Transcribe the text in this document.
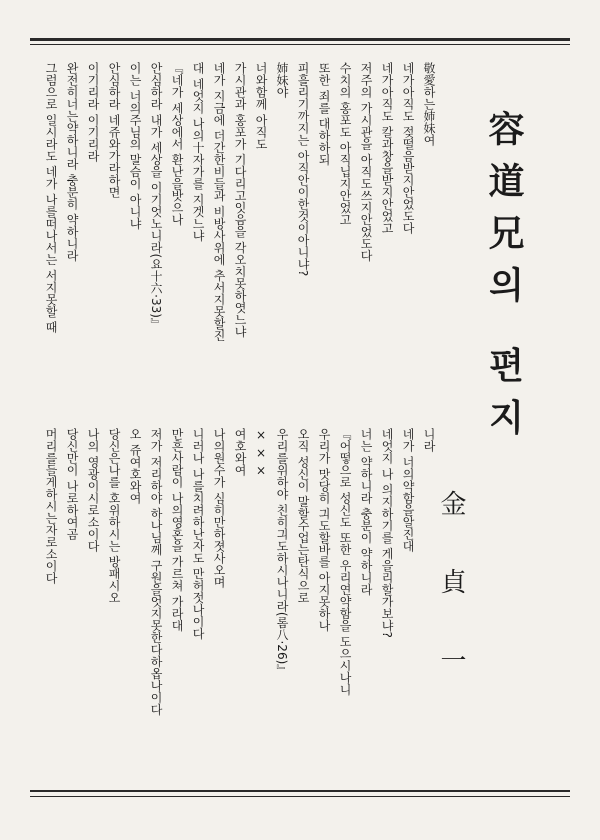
容道兄의 편지
金 貞 一
敬愛하는姉妹여
네가아직도 젖떨음받지안었도다
네가아직도 칼과창을받지안었고
저주의 가시관을 아직도쓰지안었도다
수치의 홍포도 아직닙지안었고
또한 죄를 대하하되
피흘리기까지는 아직안이한것이아니냐?
姉妹야
너와함께 아직도
가시관과 홍포가 기다리고잇음을 각오치못하엿느냐
네가 지금에 더간한비들과 비방사위에 추서지못할진
대 네엇지 나의十자가를 지겟느냐
『네가 세상에서 환난을밧으나
안심하라 내가 세상을 이기엇노니라(요十六·33)』
이는 너의주님의 말슴이 아니냐
안심하라 네쥬와가라하면
이기리라 이기리라
완전히너는약하니라 충분히 약하니라
그럼으로 일시라도 네가 나를떠나서는 서지못할 때
니라
네가 너의약함을알진대
네엇지 나 의지하기를 게을리할가보냐?
너는 약하니라 충분이 약하니라
『어떻으로 성신도 또한 우리연약함을 도으시나니
우리가 맛당히 긔도할바를 아지못하나
오직 성신이 말할수업는탄식으로
우리를위하야 친히긔도하시나니라(롬八·26)』
× × ×
여호와여
나의원수가 심히만하졋사오며
니러나 나를치려하난자도 만허젓나이다
만흔사람이 나의영혼을 가르쳐 가라대
저가 저리하야 하나님께 구원을엇지못한다하옵나이다
오 쥬여호와여
당신은나를 호위하시는 방패시오
나의 영광이시로소이다
당신만이 나로하여곰
머리를들게하시는자로소이다
